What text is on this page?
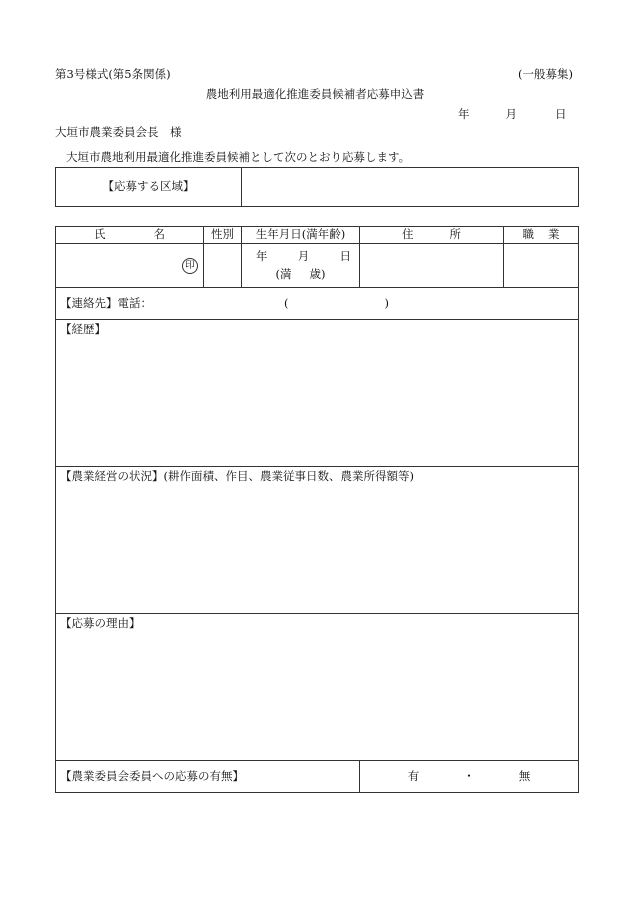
第3号様式(第5条関係)	(一般募集)
農地利用最適化推進委員候補者応募申込書
年	月	日
大垣市農業委員会長　様
大垣市農地利用最適化推進委員候補として次のとおり応募します。
【応募する区域】	
氏 名	性別	生年月日(満年齢)	住 所	職 業
印		年 月 日
(満 歳)		

【連絡先】電話： ( )				
【経歴】				
【農業経営の状況】(耕作面積、作目、農業従事日数、農業所得額等)				
【応募の理由】				
【農業委員会委員への応募の有無】			有 ・ 無	
